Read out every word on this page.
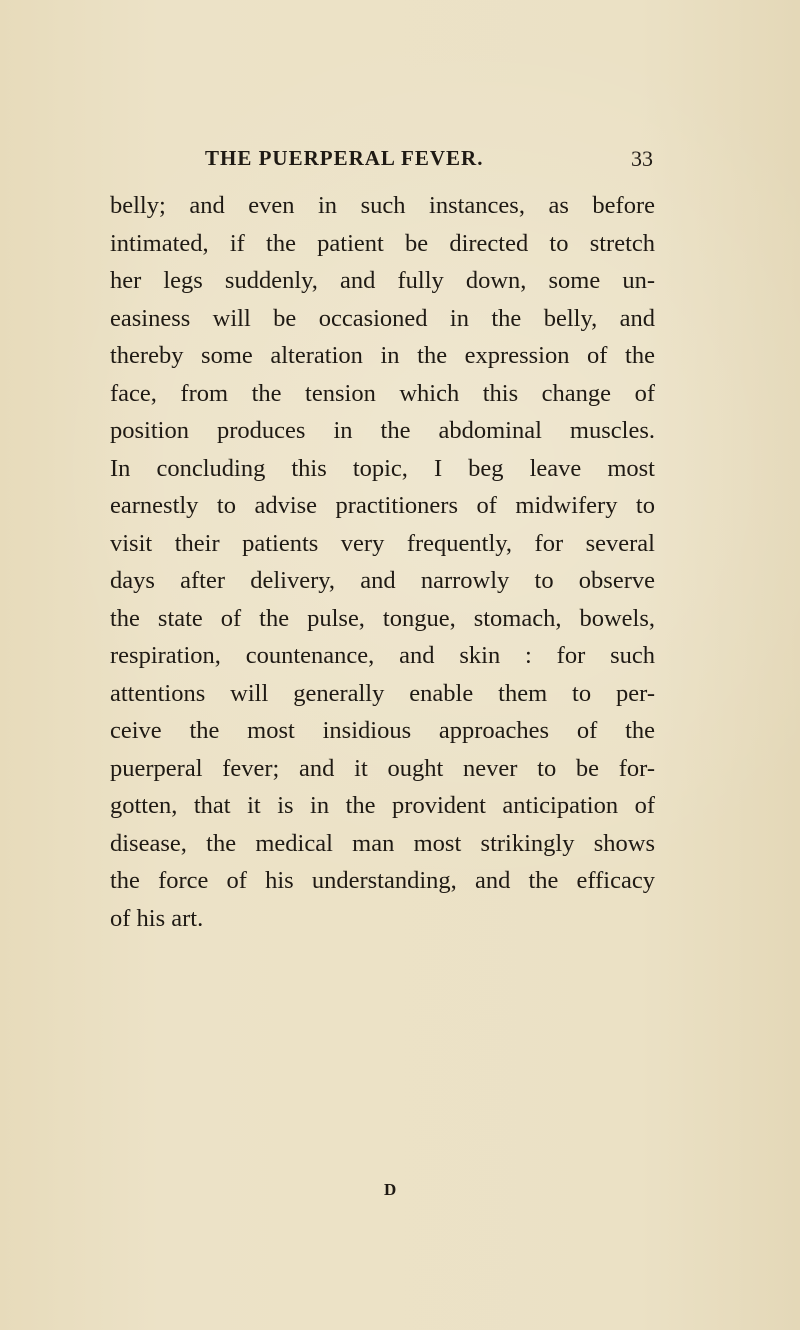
THE PUERPERAL FEVER.	33
belly; and even in such instances, as before
intimated, if the patient be directed to stretch
her legs suddenly, and fully down, some un-
easiness will be occasioned in the belly, and
thereby some alteration in the expression of the
face, from the tension which this change of
position produces in the abdominal muscles.
In concluding this topic, I beg leave most
earnestly to advise practitioners of midwifery to
visit their patients very frequently, for several
days after delivery, and narrowly to observe
the state of the pulse, tongue, stomach, bowels,
respiration, countenance, and skin : for such
attentions will generally enable them to per-
ceive the most insidious approaches of the
puerperal fever; and it ought never to be for-
gotten, that it is in the provident anticipation of
disease, the medical man most strikingly shows
the force of his understanding, and the efficacy
of his art.
D
